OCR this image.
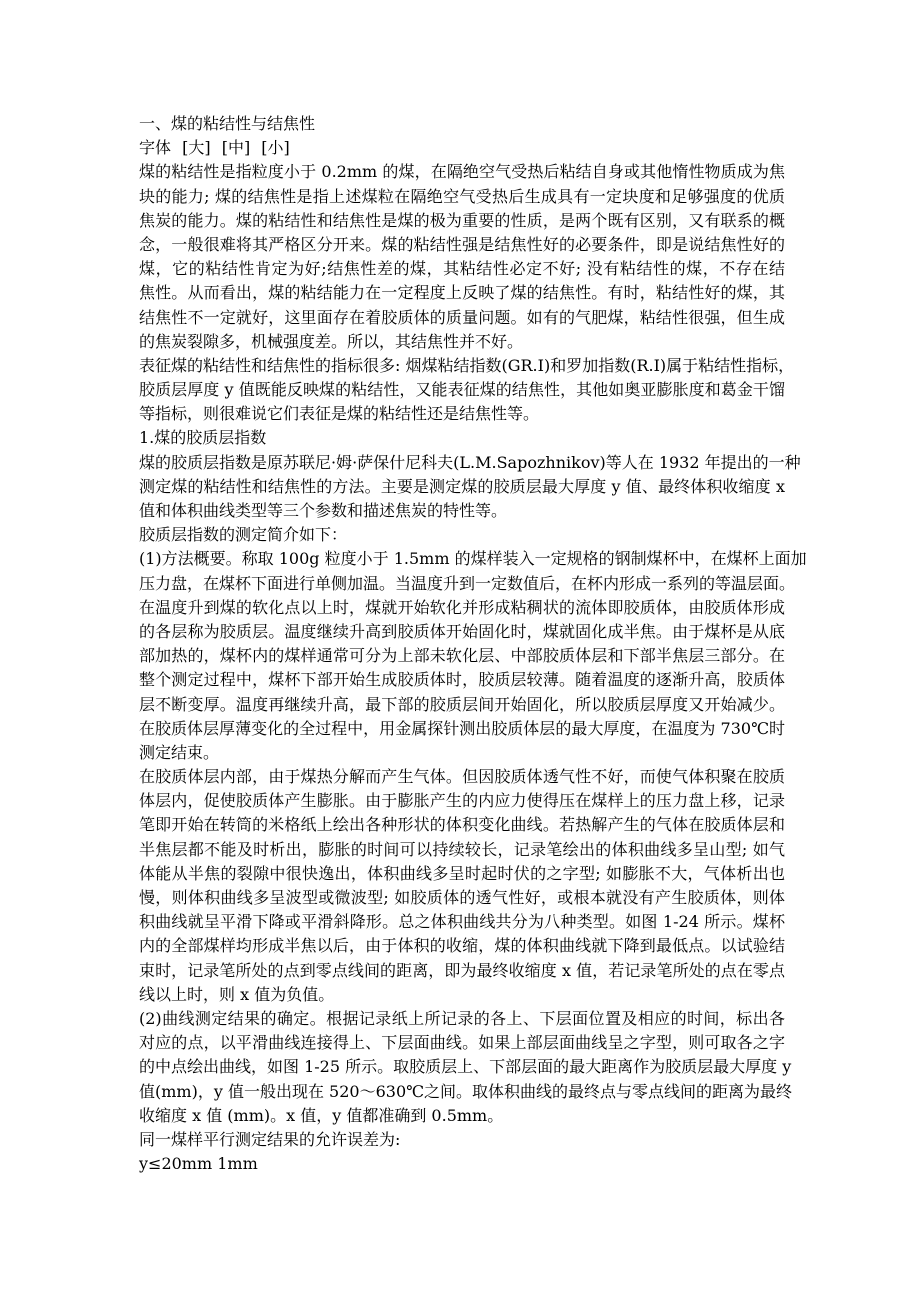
一、煤的粘结性与结焦性
字体 [大] [中] [小]
煤的粘结性是指粒度小于 0.2mm 的煤，在隔绝空气受热后粘结自身或其他惰性物质成为焦
块的能力; 煤的结焦性是指上述煤粒在隔绝空气受热后生成具有一定块度和足够强度的优质
焦炭的能力。煤的粘结性和结焦性是煤的极为重要的性质，是两个既有区别，又有联系的概
念，一般很难将其严格区分开来。煤的粘结性强是结焦性好的必要条件，即是说结焦性好的
煤，它的粘结性肯定为好;结焦性差的煤，其粘结性必定不好; 没有粘结性的煤，不存在结
焦性。从而看出，煤的粘结能力在一定程度上反映了煤的结焦性。有时，粘结性好的煤，其
结焦性不一定就好，这里面存在着胶质体的质量问题。如有的气肥煤，粘结性很强，但生成
的焦炭裂隙多，机械强度差。所以，其结焦性并不好。
表征煤的粘结性和结焦性的指标很多: 烟煤粘结指数(GR.I)和罗加指数(R.I)属于粘结性指标，
胶质层厚度 y 值既能反映煤的粘结性，又能表征煤的结焦性，其他如奥亚膨胀度和葛金干馏
等指标，则很难说它们表征是煤的粘结性还是结焦性等。
1.煤的胶质层指数
煤的胶质层指数是原苏联尼·姆·萨保什尼科夫(L.M.Sapozhnikov)等人在 1932 年提出的一种
测定煤的粘结性和结焦性的方法。主要是测定煤的胶质层最大厚度 y 值、最终体积收缩度 x
值和体积曲线类型等三个参数和描述焦炭的特性等。
胶质层指数的测定简介如下：
(1)方法概要。称取 100g 粒度小于 1.5mm 的煤样装入一定规格的钢制煤杯中，在煤杯上面加
压力盘，在煤杯下面进行单侧加温。当温度升到一定数值后，在杯内形成一系列的等温层面。
在温度升到煤的软化点以上时，煤就开始软化并形成粘稠状的流体即胶质体，由胶质体形成
的各层称为胶质层。温度继续升高到胶质体开始固化时，煤就固化成半焦。由于煤杯是从底
部加热的，煤杯内的煤样通常可分为上部未软化层、中部胶质体层和下部半焦层三部分。在
整个测定过程中，煤杯下部开始生成胶质体时，胶质层较薄。随着温度的逐渐升高，胶质体
层不断变厚。温度再继续升高，最下部的胶质层间开始固化，所以胶质层厚度又开始减少。
在胶质体层厚薄变化的全过程中，用金属探针测出胶质体层的最大厚度，在温度为 730℃时
测定结束。
在胶质体层内部，由于煤热分解而产生气体。但因胶质体透气性不好，而使气体积聚在胶质
体层内，促使胶质体产生膨胀。由于膨胀产生的内应力使得压在煤样上的压力盘上移，记录
笔即开始在转筒的米格纸上绘出各种形状的体积变化曲线。若热解产生的气体在胶质体层和
半焦层都不能及时析出，膨胀的时间可以持续较长，记录笔绘出的体积曲线多呈山型; 如气
体能从半焦的裂隙中很快逸出，体积曲线多呈时起时伏的之字型; 如膨胀不大，气体析出也
慢，则体积曲线多呈波型或微波型; 如胶质体的透气性好，或根本就没有产生胶质体，则体
积曲线就呈平滑下降或平滑斜降形。总之体积曲线共分为八种类型。如图 1-24 所示。煤杯
内的全部煤样均形成半焦以后，由于体积的收缩，煤的体积曲线就下降到最低点。以试验结
束时，记录笔所处的点到零点线间的距离，即为最终收缩度 x 值，若记录笔所处的点在零点
线以上时，则 x 值为负值。
(2)曲线测定结果的确定。根据记录纸上所记录的各上、下层面位置及相应的时间，标出各
对应的点，以平滑曲线连接得上、下层面曲线。如果上部层面曲线呈之字型，则可取各之字
的中点绘出曲线，如图 1-25 所示。取胶质层上、下部层面的最大距离作为胶质层最大厚度 y
值(mm)，y 值一般出现在 520～630℃之间。取体积曲线的最终点与零点线间的距离为最终
收缩度 x 值 (mm)。x 值，y 值都准确到 0.5mm。
同一煤样平行测定结果的允许误差为:
y≤20mm 1mm
